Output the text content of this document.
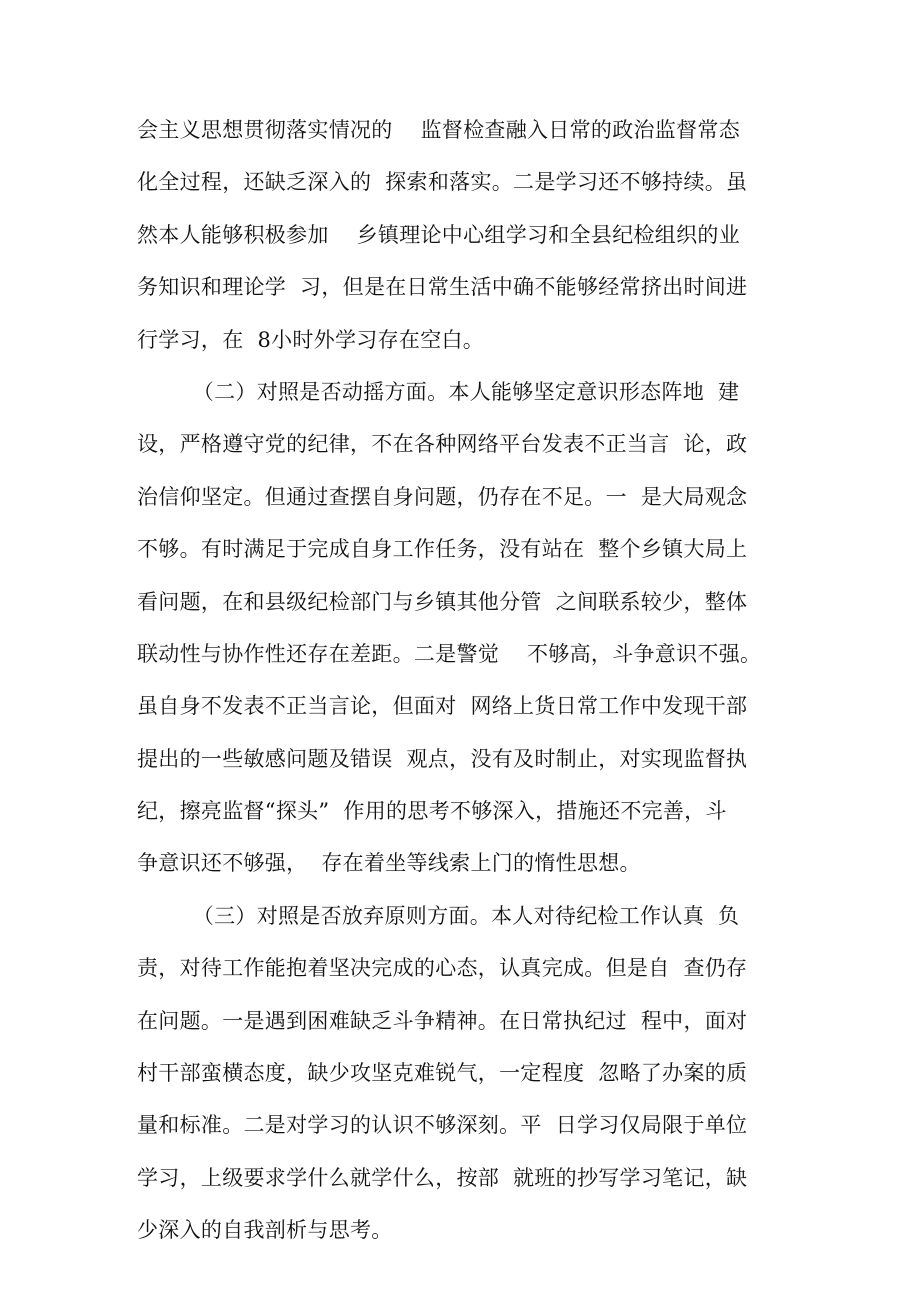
会主义思想贯彻落实情况的    监督检查融入日常的政治监督常态
化全过程，还缺乏深入的  探索和落实。二是学习还不够持续。虽
然本人能够积极参加    乡镇理论中心组学习和全县纪检组织的业
务知识和理论学  习，但是在日常生活中确不能够经常挤出时间进
行学习，在  8小时外学习存在空白。
（二）对照是否动摇方面。本人能够坚定意识形态阵地  建
设，严格遵守党的纪律，不在各种网络平台发表不正当言  论，政
治信仰坚定。但通过查摆自身问题，仍存在不足。一  是大局观念
不够。有时满足于完成自身工作任务，没有站在  整个乡镇大局上
看问题，在和县级纪检部门与乡镇其他分管  之间联系较少，整体
联动性与协作性还存在差距。二是警觉    不够高，斗争意识不强。
虽自身不发表不正当言论，但面对  网络上货日常工作中发现干部
提出的一些敏感问题及错误  观点，没有及时制止，对实现监督执
纪，擦亮监督“探头”  作用的思考不够深入，措施还不完善，斗
争意识还不够强，  存在着坐等线索上门的惰性思想。
（三）对照是否放弃原则方面。本人对待纪检工作认真  负
责，对待工作能抱着坚决完成的心态，认真完成。但是自  查仍存
在问题。一是遇到困难缺乏斗争精神。在日常执纪过  程中，面对
村干部蛮横态度，缺少攻坚克难锐气，一定程度  忽略了办案的质
量和标准。二是对学习的认识不够深刻。平  日学习仅局限于单位
学习，上级要求学什么就学什么，按部  就班的抄写学习笔记，缺
少深入的自我剖析与思考。
